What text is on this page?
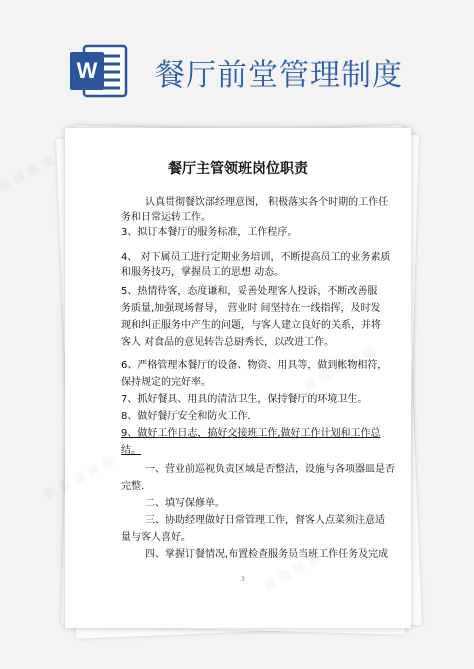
W 餐厅前堂管理制度
餐厅主管领班岗位职责
认真贯彻餐饮部经理意图， 积极落实各个时期的工作任
务和日常运转工作。
3、拟订本餐厅的服务标准，工作程序。
4、 对下属员工进行定期业务培训，不断提高员工的业务素质
和服务技巧，掌握员工的思想 动态。
5、热情待客，态度谦和，妥善处理客人投诉，不断改善服
务质量,加强现场督导， 营业时 间坚持在一线指挥，及时发
现和纠正服务中产生的问题，与客人建立良好的关系，并将
客人 对食品的意见转告总厨秀长，以改进工作。
6、严格管理本餐厅的设备、物资、用具等，做到帐物相符，
保持规定的完好率。
7、抓好餐具、用具的清洁卫生，保持餐厅的环境卫生。
8、做好餐厅安全和防火工作．
9、做好工作日志，搞好交接班工作,做好工作计划和工作总
结。
一、营业前巡视负责区域是否整洁，设施与各项器皿是否
完整.
二、填写保修单。
三、协助经理做好日常管理工作，督客人点菜须注意适
量与客人喜好。
四、掌握订餐情况,布置检查服务员当班工作任务及完成
3
